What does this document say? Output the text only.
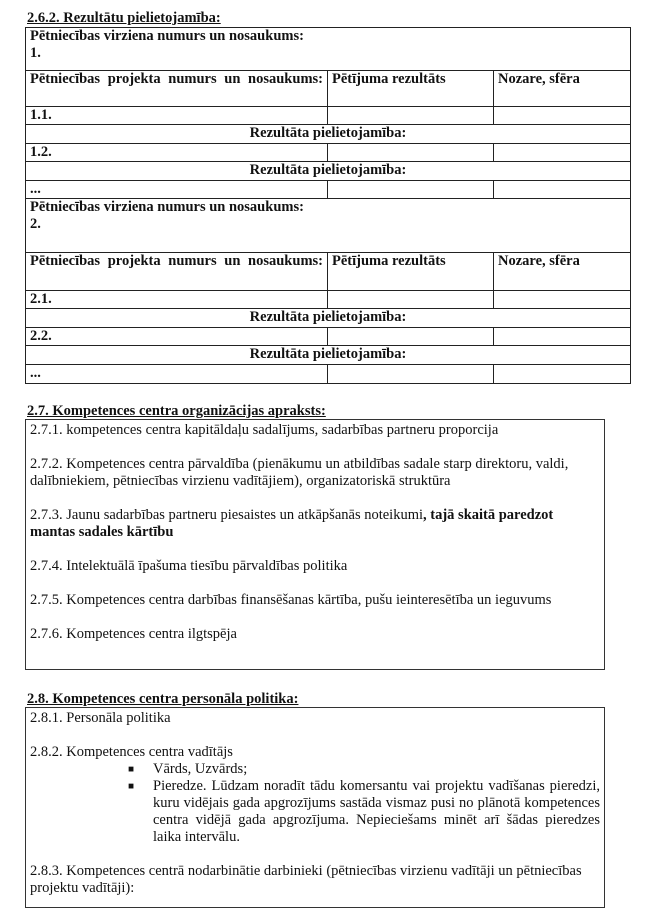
2.6.2. Rezultātu pielietojamība:
Pētniecības virziena numurs un nosaukums:
1.		

Pētniecības projekta numurs un nosaukums:	Pētījuma rezultāts	Nozare, sfēra
1.1.		
Rezultāta pielietojamība:		
1.2.		
Rezultāta pielietojamība:		
...		

Pētniecības virziena numurs un nosaukums:
2.		

Pētniecības projekta numurs un nosaukums:	Pētījuma rezultāts	Nozare, sfēra
2.1.		
Rezultāta pielietojamība:		
2.2.		
Rezultāta pielietojamība:		
...		
2.7. Kompetences centra organizācijas apraksts:

2.7.1. kompetences centra kapitāldaļu sadalījums, sadarbības partneru proporcija

2.7.2. Kompetences centra pārvaldība (pienākumu un atbildības sadale starp direktoru, valdi, dalībniekiem, pētniecības virzienu vadītājiem), organizatoriskā struktūra

2.7.3. Jaunu sadarbības partneru piesaistes un atkāpšanās noteikumi, tajā skaitā paredzot mantas sadales kārtību

2.7.4. Intelektuālā īpašuma tiesību pārvaldības politika

2.7.5. Kompetences centra darbības finansēšanas kārtība, pušu ieinteresētība un ieguvums

2.7.6. Kompetences centra ilgtspēja

2.8. Kompetences centra personāla politika:

2.8.1. Personāla politika

2.8.2. Kompetences centra vadītājs

■ Vārds, Uzvārds;
■ Pieredze. Lūdzam noradīt tādu komersantu vai projektu vadīšanas pieredzi, kuru vidējais gada apgrozījums sastāda vismaz pusi no plānotā kompetences centra vidējā gada apgrozījuma. Nepieciešams minēt arī šādas pieredzes laika intervālu.

2.8.3. Kompetences centrā nodarbinātie darbinieki (pētniecības virzienu vadītāji un pētniecības projektu vadītāji):
